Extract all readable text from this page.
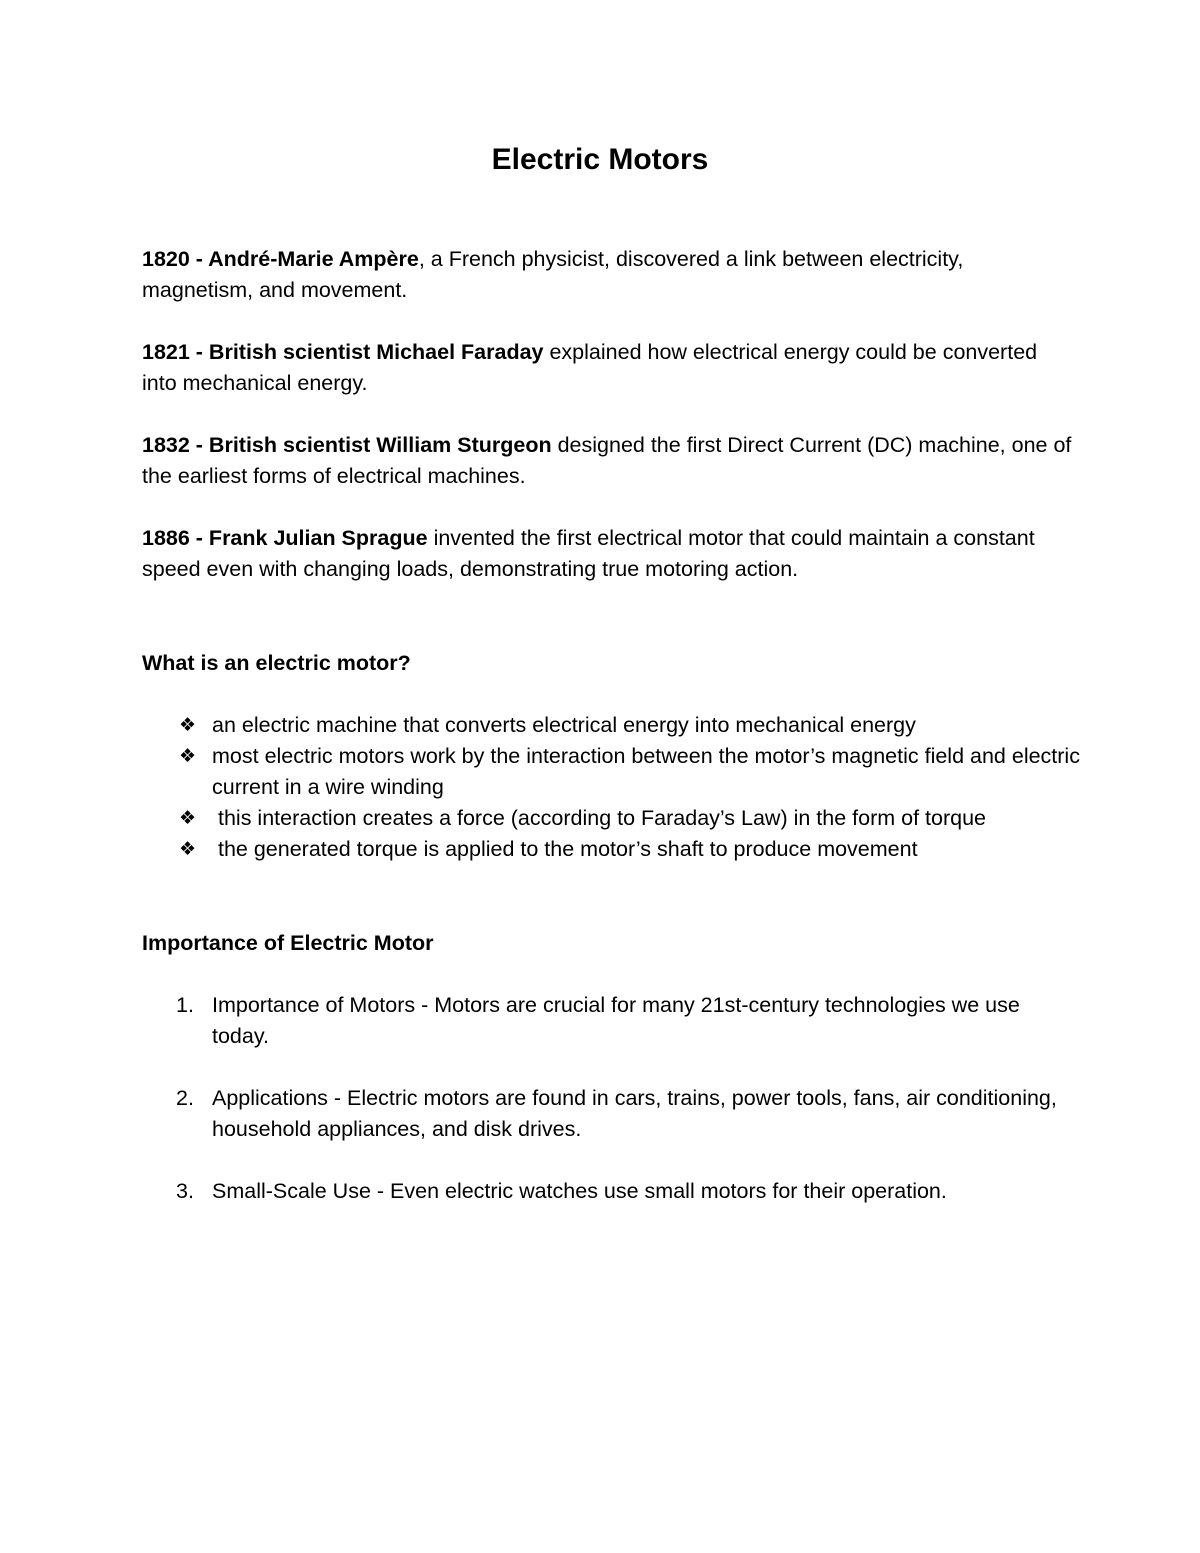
Electric Motors
1820 - André-Marie Ampère, a French physicist, discovered a link between electricity, magnetism, and movement.
1821 - British scientist Michael Faraday explained how electrical energy could be converted into mechanical energy.
1832 - British scientist William Sturgeon designed the first Direct Current (DC) machine, one of the earliest forms of electrical machines.
1886 - Frank Julian Sprague invented the first electrical motor that could maintain a constant speed even with changing loads, demonstrating true motoring action.
What is an electric motor?
❖ an electric machine that converts electrical energy into mechanical energy
❖ most electric motors work by the interaction between the motor’s magnetic field and electric current in a wire winding
❖ this interaction creates a force (according to Faraday’s Law) in the form of torque
❖ the generated torque is applied to the motor’s shaft to produce movement
Importance of Electric Motor
1. Importance of Motors - Motors are crucial for many 21st-century technologies we use today.
2. Applications - Electric motors are found in cars, trains, power tools, fans, air conditioning, household appliances, and disk drives.
3. Small-Scale Use - Even electric watches use small motors for their operation.
